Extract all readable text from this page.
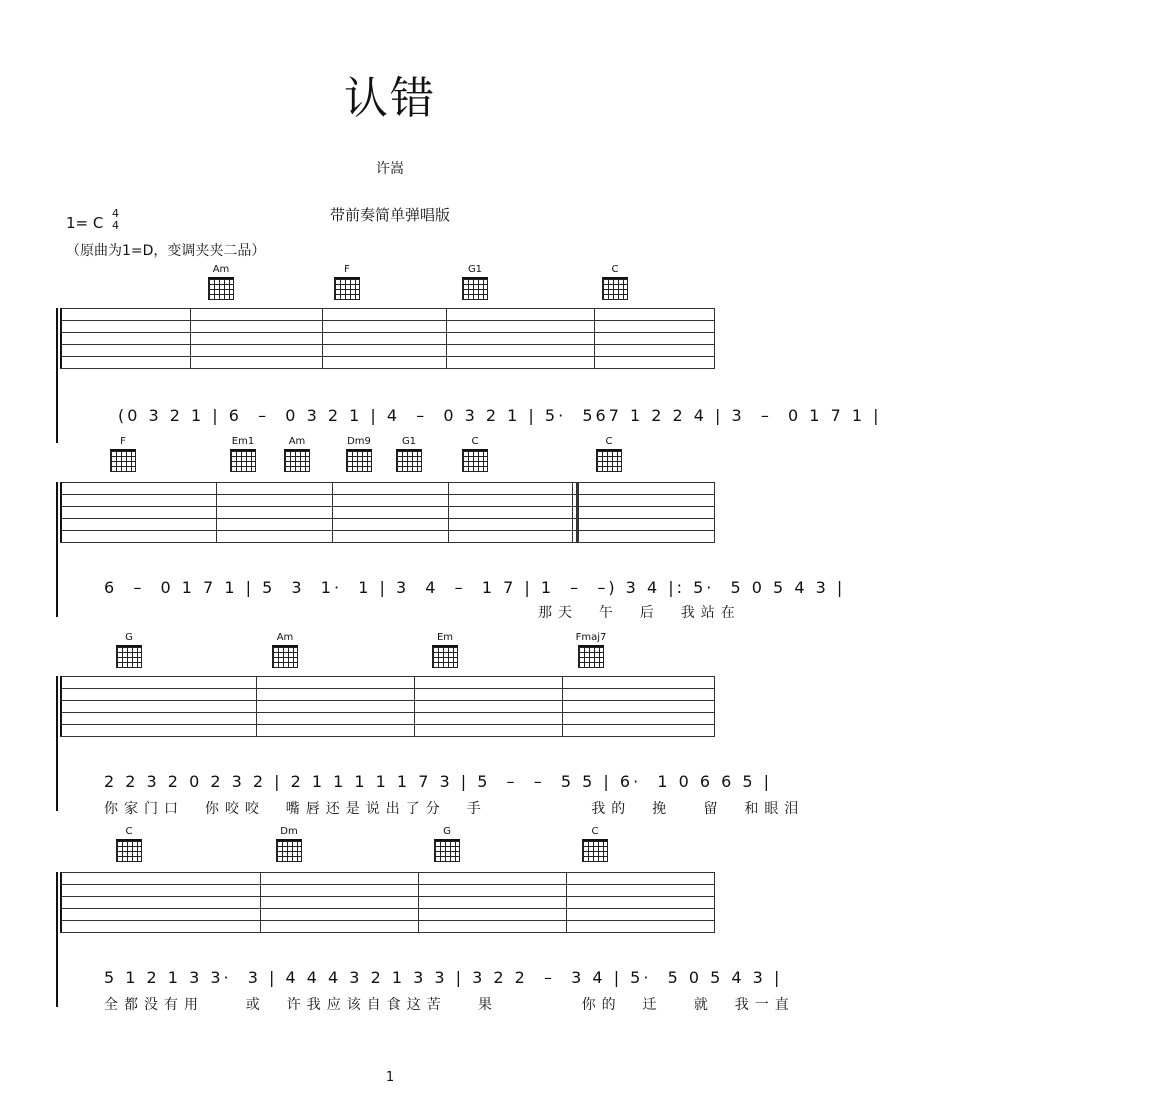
认错
许嵩
带前奏简单弹唱版
1= C
4
4
（原曲为1=D，变调夹夹二品）
Am	F	G1	C
(0 3 2 1 | 6  –  0 3 2 1 | 4  –  0 3 2 1 | 5·  567 1 2 2 4 | 3  –  0 1 7 1 |
F	Em1	Am	Dm9	G1	C	C
6  –  0 1 7 1 | 5  3  1·  1 | 3  4  –  1 7 | 1  –  –) 3 4 |: 5·  5 0 5 4 3 |
那天  午  后  我站在
G	Am	Em	Fmaj7
2 2 3 2 0 2 3 2 | 2 1 1 1 1 1 7 3 | 5  –  –  5 5 | 6·  1 0 6 6 5 |
你家门口  你咬咬  嘴唇还是说出了分  手          我的  挽   留  和眼泪
C	Dm	G	C
5 1 2 1 3 3·  3 | 4 4 4 3 2 1 3 3 | 3 2 2  –  3 4 | 5·  5 0 5 4 3 |
全都没有用    或  许我应该自食这苦   果        你的  迁   就  我一直
1
